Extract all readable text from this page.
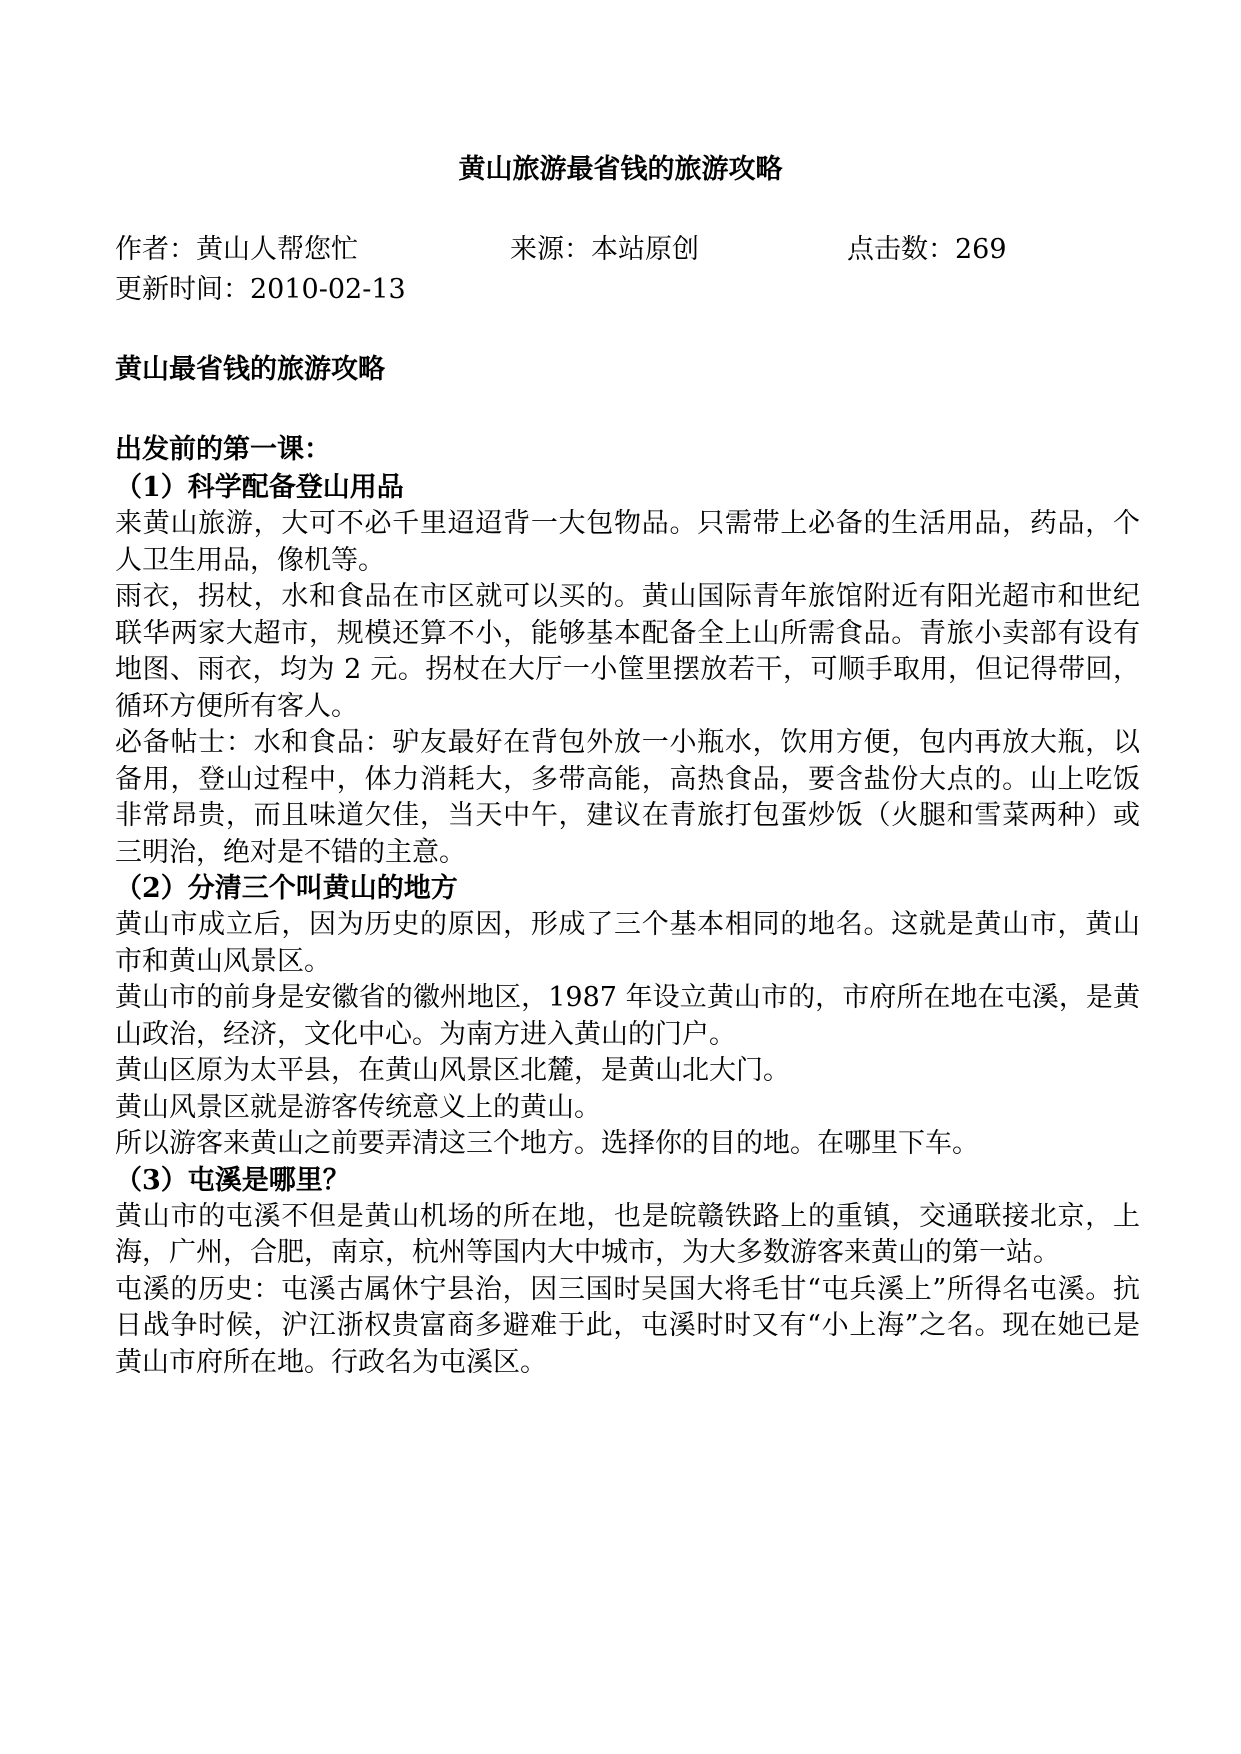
黄山旅游最省钱的旅游攻略
作者：黄山人帮您忙	来源：本站原创	点击数：269
更新时间：2010-02-13

黄山最省钱的旅游攻略

出发前的第一课：

（1）科学配备登山用品

来黄山旅游，大可不必千里迢迢背一大包物品。只需带上必备的生活用品，药品，个人卫生用品，像机等。

雨衣，拐杖，水和食品在市区就可以买的。黄山国际青年旅馆附近有阳光超市和世纪联华两家大超市，规模还算不小，能够基本配备全上山所需食品。青旅小卖部有设有地图、雨衣，均为 2 元。拐杖在大厅一小筐里摆放若干，可顺手取用，但记得带回，循环方便所有客人。

必备帖士：水和食品：驴友最好在背包外放一小瓶水，饮用方便，包内再放大瓶，以备用，登山过程中，体力消耗大，多带高能，高热食品，要含盐份大点的。山上吃饭非常昂贵，而且味道欠佳，当天中午，建议在青旅打包蛋炒饭（火腿和雪菜两种）或三明治，绝对是不错的主意。

（2）分清三个叫黄山的地方

黄山市成立后，因为历史的原因，形成了三个基本相同的地名。这就是黄山市，黄山市和黄山风景区。

黄山市的前身是安徽省的徽州地区，1987 年设立黄山市的，市府所在地在屯溪，是黄山政治，经济，文化中心。为南方进入黄山的门户。

黄山区原为太平县，在黄山风景区北麓，是黄山北大门。

黄山风景区就是游客传统意义上的黄山。

所以游客来黄山之前要弄清这三个地方。选择你的目的地。在哪里下车。

（3）屯溪是哪里？

黄山市的屯溪不但是黄山机场的所在地，也是皖赣铁路上的重镇，交通联接北京，上海，广州，合肥，南京，杭州等国内大中城市，为大多数游客来黄山的第一站。

屯溪的历史：屯溪古属休宁县治，因三国时吴国大将毛甘“屯兵溪上”所得名屯溪。抗日战争时候，沪江浙权贵富商多避难于此，屯溪时时又有“小上海”之名。现在她已是黄山市府所在地。行政名为屯溪区。
